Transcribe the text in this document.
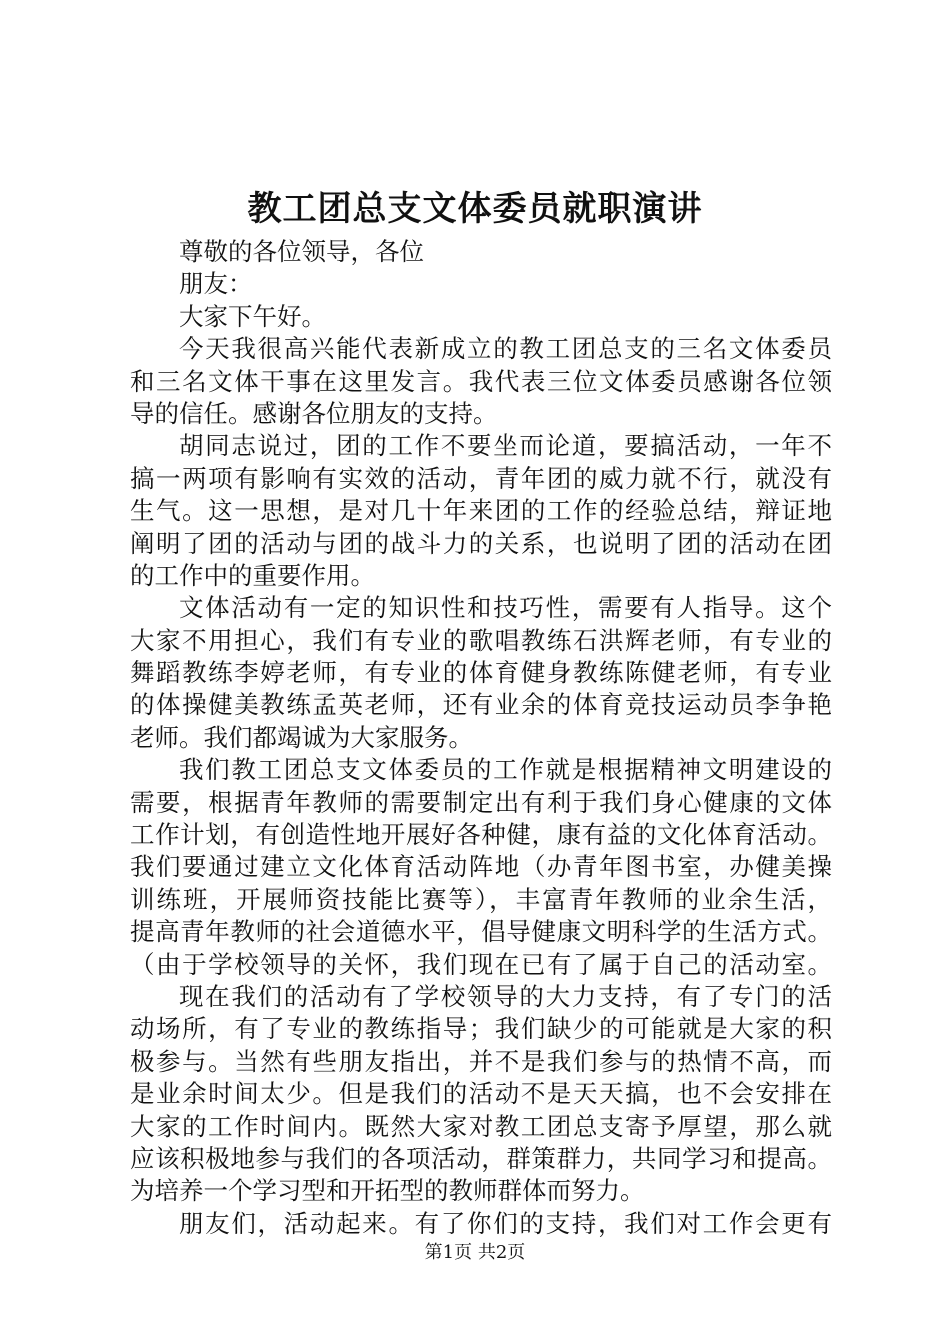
教工团总支文体委员就职演讲
尊敬的各位领导，各位
朋友：
大家下午好。
今天我很高兴能代表新成立的教工团总支的三名文体委员
和三名文体干事在这里发言。我代表三位文体委员感谢各位领
导的信任。感谢各位朋友的支持。
胡同志说过，团的工作不要坐而论道，要搞活动，一年不
搞一两项有影响有实效的活动，青年团的威力就不行，就没有
生气。这一思想，是对几十年来团的工作的经验总结，辩证地
阐明了团的活动与团的战斗力的关系，也说明了团的活动在团
的工作中的重要作用。
文体活动有一定的知识性和技巧性，需要有人指导。这个
大家不用担心，我们有专业的歌唱教练石洪辉老师，有专业的
舞蹈教练李婷老师，有专业的体育健身教练陈健老师，有专业
的体操健美教练孟英老师，还有业余的体育竞技运动员李争艳
老师。我们都竭诚为大家服务。
我们教工团总支文体委员的工作就是根据精神文明建设的
需要，根据青年教师的需要制定出有利于我们身心健康的文体
工作计划，有创造性地开展好各种健，康有益的文化体育活动。
我们要通过建立文化体育活动阵地（办青年图书室，办健美操
训练班，开展师资技能比赛等），丰富青年教师的业余生活，
提高青年教师的社会道德水平，倡导健康文明科学的生活方式。
（由于学校领导的关怀，我们现在已有了属于自己的活动室。
现在我们的活动有了学校领导的大力支持，有了专门的活
动场所，有了专业的教练指导；我们缺少的可能就是大家的积
极参与。当然有些朋友指出，并不是我们参与的热情不高，而
是业余时间太少。但是我们的活动不是天天搞，也不会安排在
大家的工作时间内。既然大家对教工团总支寄予厚望，那么就
应该积极地参与我们的各项活动，群策群力，共同学习和提高。
为培养一个学习型和开拓型的教师群体而努力。
朋友们，活动起来。有了你们的支持，我们对工作会更有
第1页 共2页
